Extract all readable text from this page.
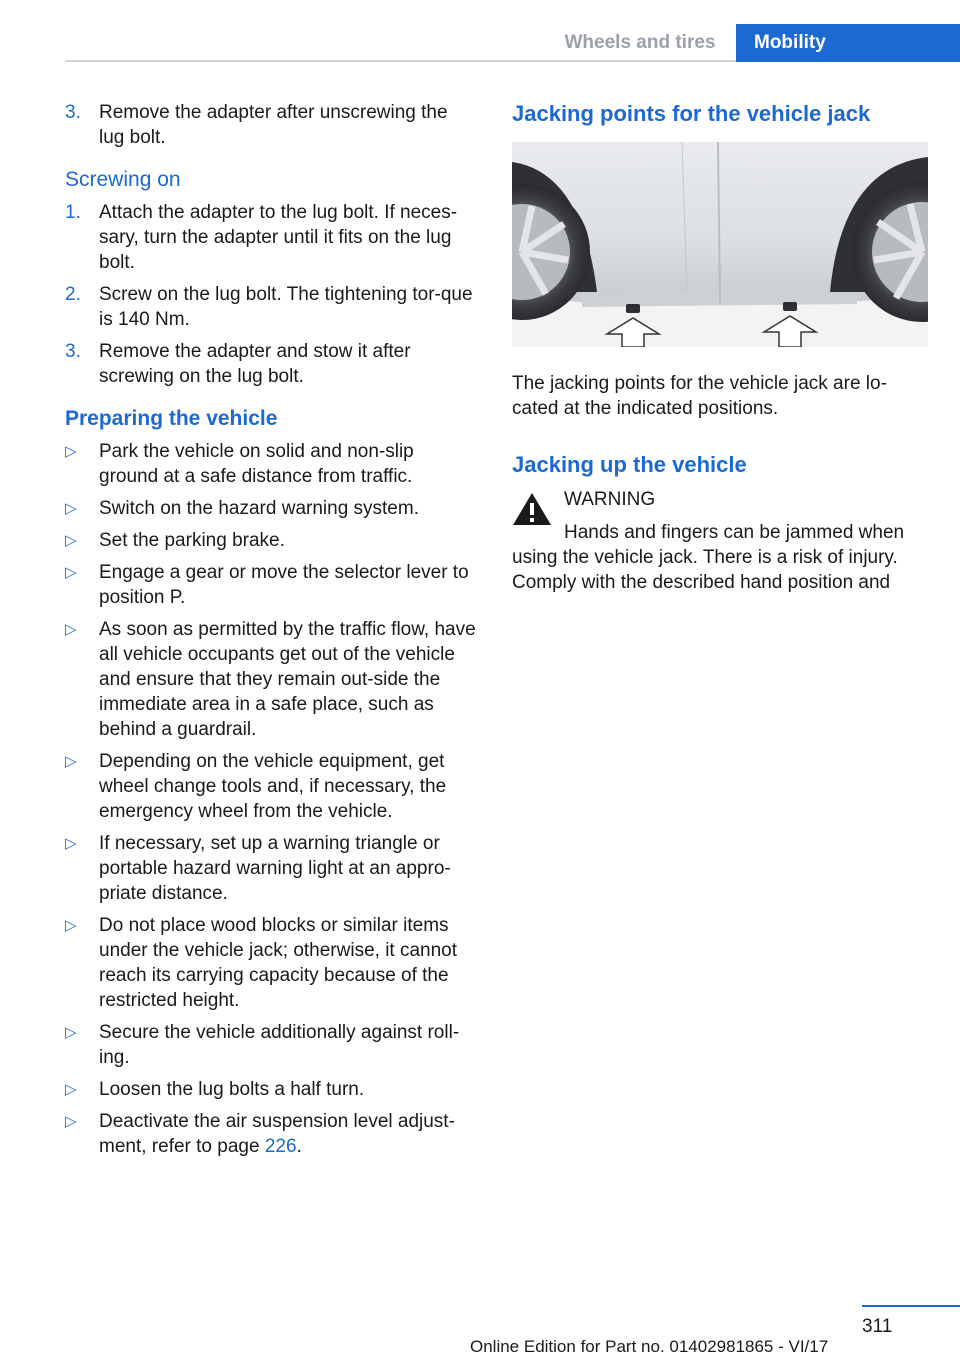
Wheels and tires	Mobility
3. Remove the adapter after unscrewing the lug bolt.
Screwing on
1. Attach the adapter to the lug bolt. If neces‐sary, turn the adapter until it fits on the lug bolt.
2. Screw on the lug bolt. The tightening tor‐que is 140 Nm.
3. Remove the adapter and stow it after screwing on the lug bolt.
Preparing the vehicle
▷ Park the vehicle on solid and non-slip ground at a safe distance from traffic.
▷ Switch on the hazard warning system.
▷ Set the parking brake.
▷ Engage a gear or move the selector lever to position P.
▷ As soon as permitted by the traffic flow, have all vehicle occupants get out of the vehicle and ensure that they remain out‐side the immediate area in a safe place, such as behind a guardrail.
▷ Depending on the vehicle equipment, get wheel change tools and, if necessary, the emergency wheel from the vehicle.
▷ If necessary, set up a warning triangle or portable hazard warning light at an appro‐priate distance.
▷ Do not place wood blocks or similar items under the vehicle jack; otherwise, it cannot reach its carrying capacity because of the restricted height.
▷ Secure the vehicle additionally against roll‐ing.
▷ Loosen the lug bolts a half turn.
▷ Deactivate the air suspension level adjust‐ment, refer to page 226.
Jacking points for the vehicle jack

The jacking points for the vehicle jack are lo‐cated at the indicated positions.

Jacking up the vehicle
WARNING

Hands and fingers can be jammed when using the vehicle jack. There is a risk of injury. Comply with the described hand position and

311
Online Edition for Part no. 01402981865 - VI/17
